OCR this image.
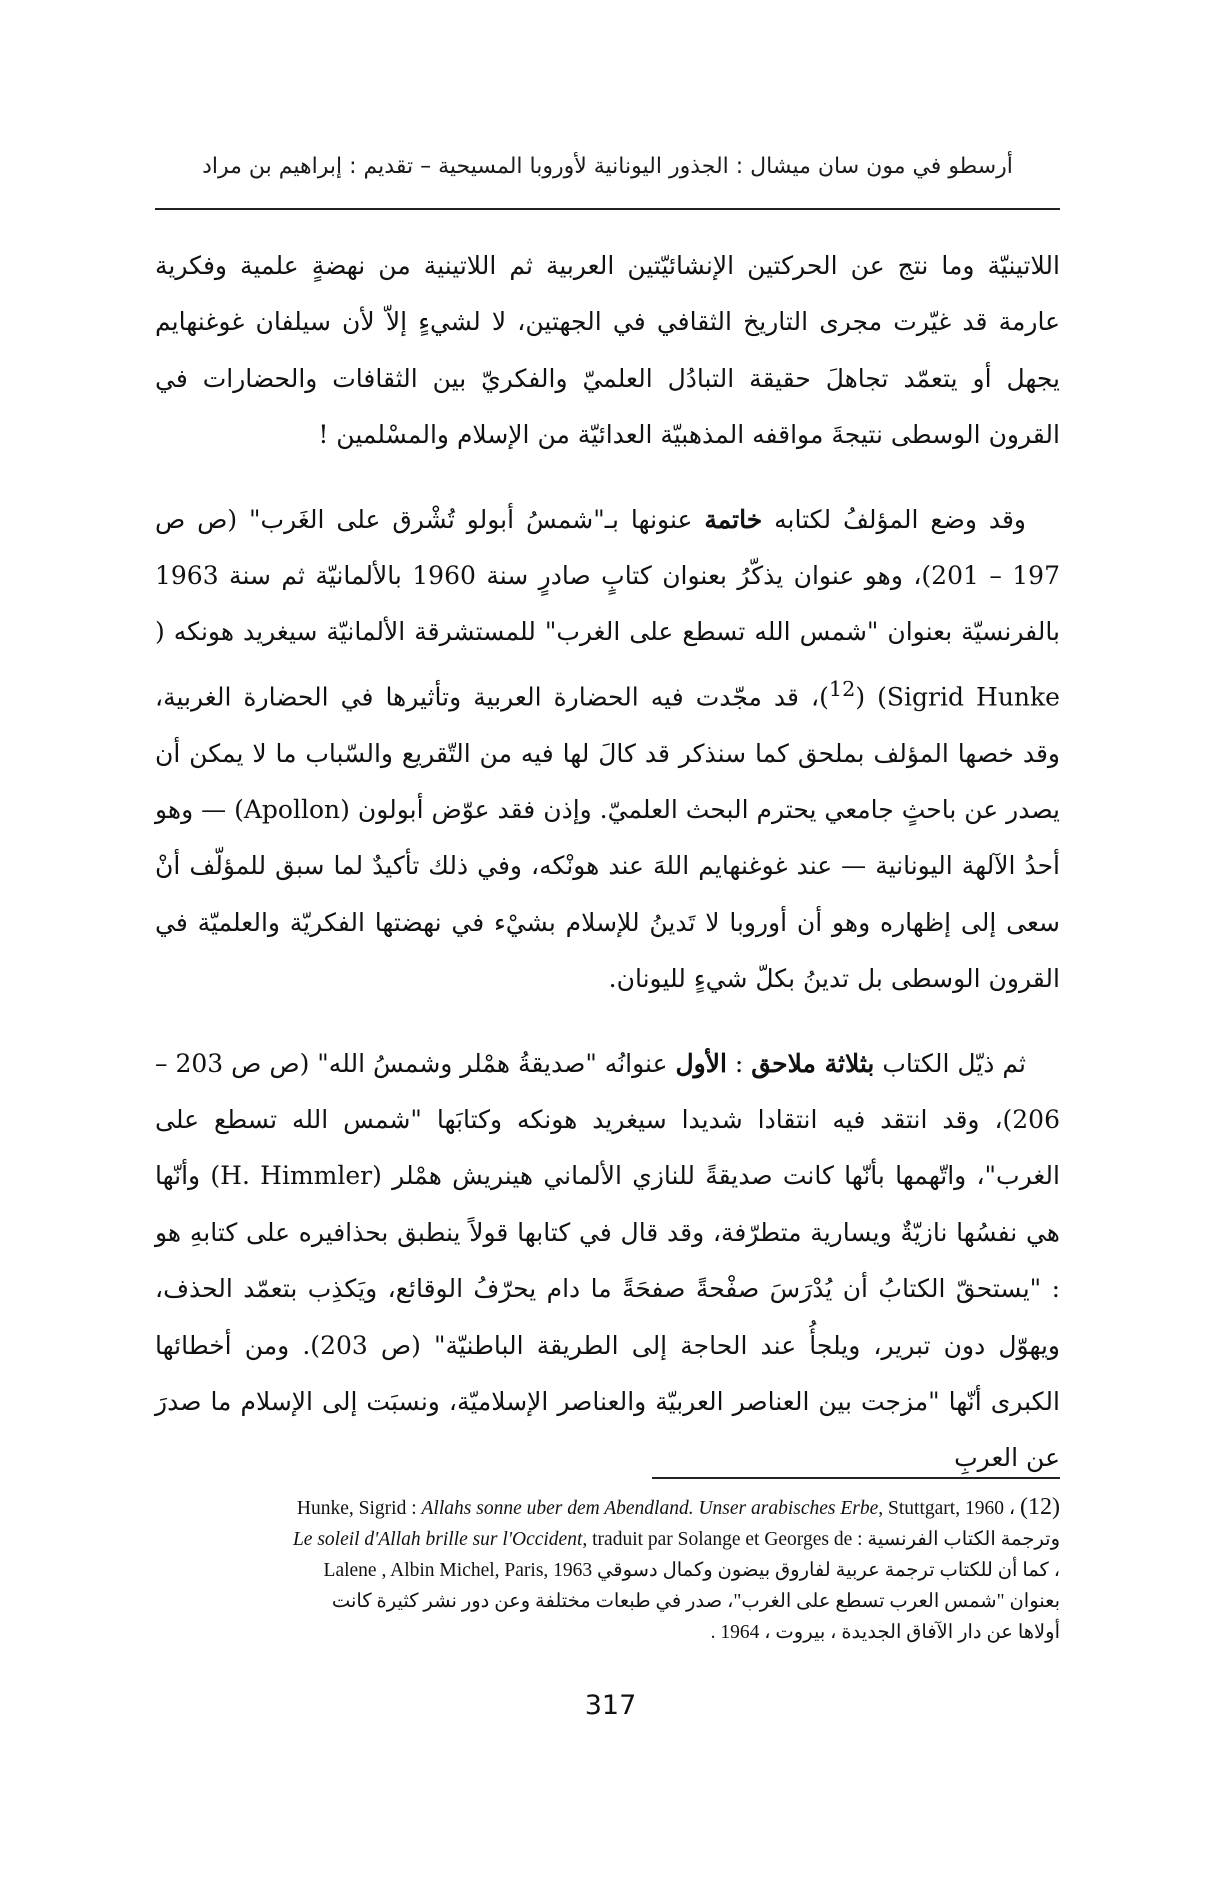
أرسطو في مون سان ميشال : الجذور اليونانية لأوروبا المسيحية – تقديم : إبراهيم بن مراد

اللاتينيّة وما نتج عن الحركتين الإنشائيّتين العربية ثم اللاتينية من نهضةٍ علمية وفكرية عارمة قد غيّرت مجرى التاريخ الثقافي في الجهتين، لا لشيءٍ إلاّ لأن سيلفان غوغنهايم يجهل أو يتعمّد تجاهلَ حقيقة التبادُل العلميّ والفكريّ بين الثقافات والحضارات في القرون الوسطى نتيجةَ مواقفه المذهبيّة العدائيّة من الإسلام والمسْلمين !

وقد وضع المؤلفُ لكتابه خاتمة عنونها بـ"شمسُ أبولو تُشْرق على الغَرب" (ص ص 197 – 201)، وهو عنوان يذكّرُ بعنوان كتابٍ صادرٍ سنة 1960 بالألمانيّة ثم سنة 1963 بالفرنسيّة بعنوان "شمس الله تسطع على الغرب" للمستشرقة الألمانيّة سيغريد هونكه ( Sigrid Hunke) ($^{12}$)، قد مجّدت فيه الحضارة العربية وتأثيرها في الحضارة الغربية، وقد خصها المؤلف بملحق كما سنذكر قد كالَ لها فيه من التّقريع والسّباب ما لا يمكن أن يصدر عن باحثٍ جامعي يحترم البحث العلميّ. وإذن فقد عوّض أبولون (Apollon) — وهو أحدُ الآلهة اليونانية — عند غوغنهايم اللهَ عند هونْكه، وفي ذلك تأكيدٌ لما سبق للمؤلّف أنْ سعى إلى إظهاره وهو أن أوروبا لا تَدينُ للإسلام بشيْء في نهضتها الفكريّة والعلميّة في القرون الوسطى بل تدينُ بكلّ شيءٍ لليونان.

ثم ذيّل الكتاب بثلاثة ملاحق : الأول عنوانُه "صديقةُ همْلر وشمسُ الله" (ص ص 203 – 206)، وقد انتقد فيه انتقادا شديدا سيغريد هونكه وكتابَها "شمس الله تسطع على الغرب"، واتّهمها بأنّها كانت صديقةً للنازي الألماني هينريش همْلر (H. Himmler) وأنّها هي نفسُها نازيّةٌ ويسارية متطرّفة، وقد قال في كتابها قولاً ينطبق بحذافيره على كتابهِ هو : "يستحقّ الكتابُ أن يُدْرَسَ صفْحةً صفحَةً ما دام يحرّفُ الوقائع، ويَكذِب بتعمّد الحذف، ويهوّل دون تبرير، ويلجأُ عند الحاجة إلى الطريقة الباطنيّة" (ص 203). ومن أخطائها الكبرى أنّها "مزجت بين العناصر العربيّة والعناصر الإسلاميّة، ونسبَت إلى الإسلام ما صدرَ عن العربِ

(12) Hunke, Sigrid : Allahs sonne uber dem Abendland. Unser arabisches Erbe, Stuttgart, 1960 ،
وترجمة الكتاب الفرنسية : Le soleil d'Allah brille sur l'Occident, traduit par Solange et Georges de
، كما أن للكتاب ترجمة عربية لفاروق بيضون وكمال دسوقي Lalene , Albin Michel, Paris, 1963
بعنوان "شمس العرب تسطع على الغرب"، صدر في طبعات مختلفة وعن دور نشر كثيرة كانت
أولاها عن دار الآفاق الجديدة ، بيروت ، 1964 .
317
